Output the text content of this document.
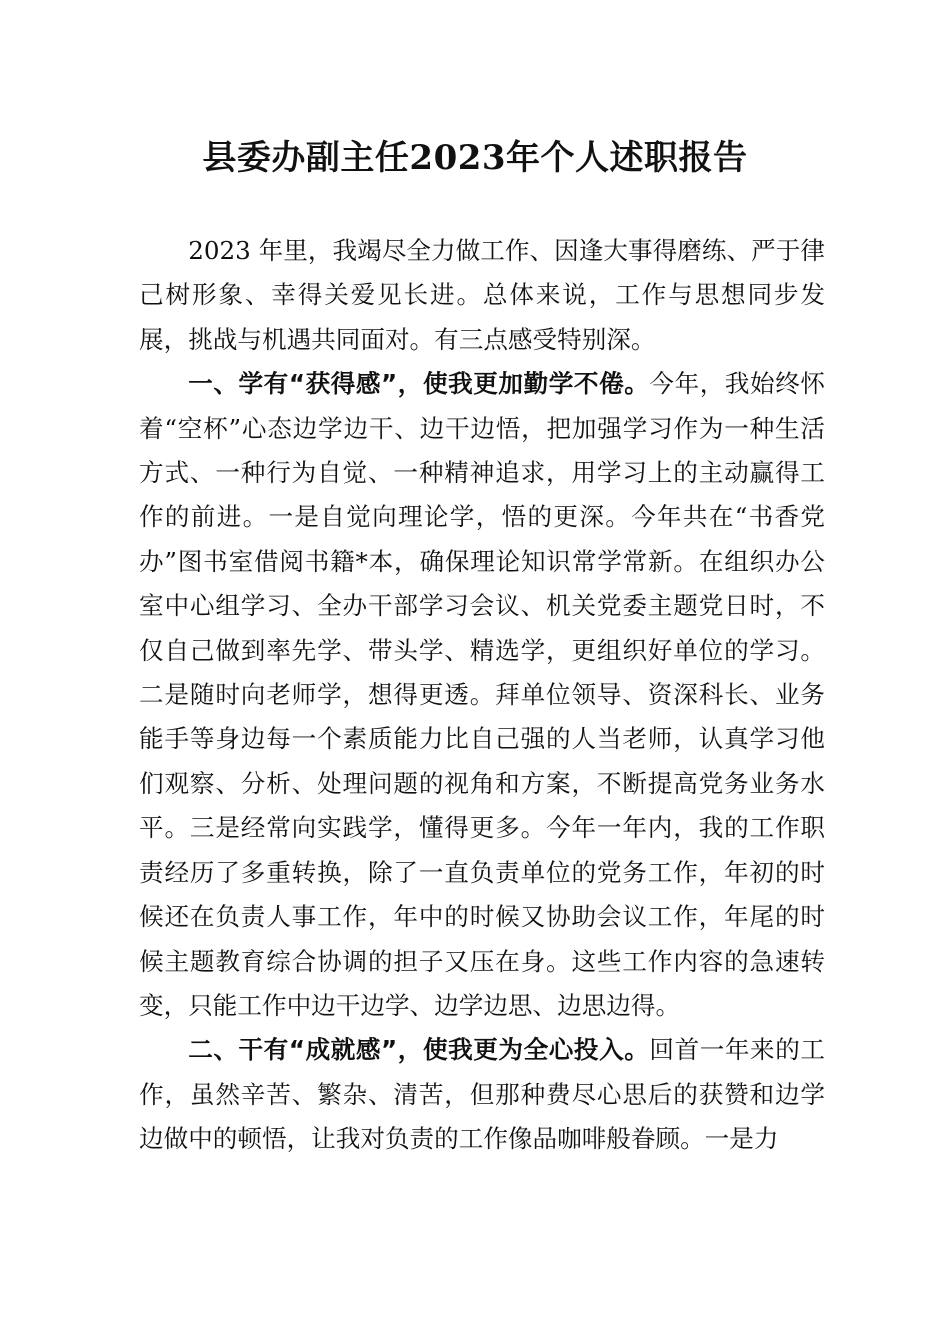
县委办副主任2023年个人述职报告

2023 年里，我竭尽全力做工作、因逢大事得磨练、严于律己树形象、幸得关爱见长进。总体来说，工作与思想同步发展，挑战与机遇共同面对。有三点感受特别深。

一、学有“获得感”，使我更加勤学不倦。今年，我始终怀着“空杯”心态边学边干、边干边悟，把加强学习作为一种生活方式、一种行为自觉、一种精神追求，用学习上的主动赢得工作的前进。一是自觉向理论学，悟的更深。今年共在“书香党办”图书室借阅书籍*本，确保理论知识常学常新。在组织办公室中心组学习、全办干部学习会议、机关党委主题党日时，不仅自己做到率先学、带头学、精选学，更组织好单位的学习。二是随时向老师学，想得更透。拜单位领导、资深科长、业务能手等身边每一个素质能力比自己强的人当老师，认真学习他们观察、分析、处理问题的视角和方案，不断提高党务业务水平。三是经常向实践学，懂得更多。今年一年内，我的工作职责经历了多重转换，除了一直负责单位的党务工作，年初的时候还在负责人事工作，年中的时候又协助会议工作，年尾的时候主题教育综合协调的担子又压在身。这些工作内容的急速转变，只能工作中边干边学、边学边思、边思边得。

二、干有“成就感”，使我更为全心投入。回首一年来的工作，虽然辛苦、繁杂、清苦，但那种费尽心思后的获赞和边学边做中的顿悟，让我对负责的工作像品咖啡般眷顾。一是力
